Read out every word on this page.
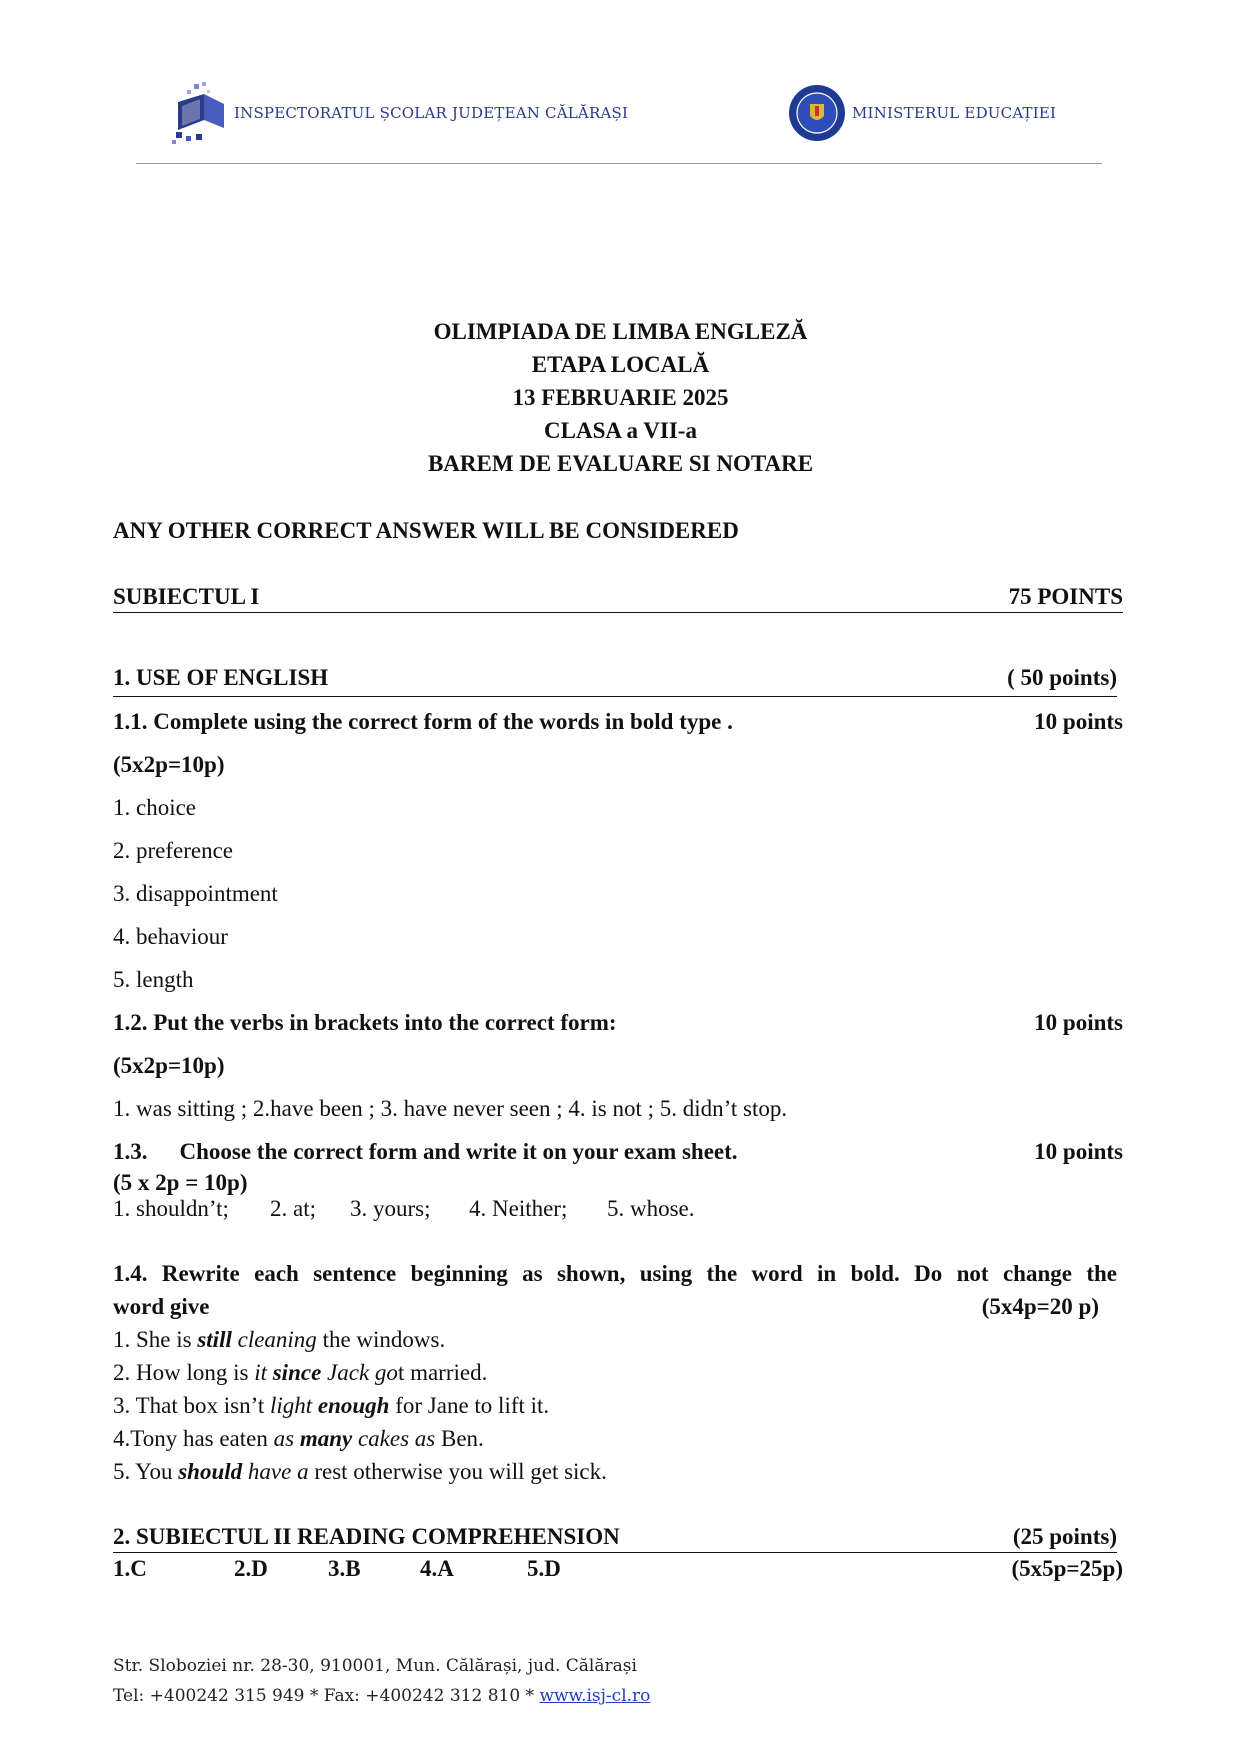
INSPECTORATUL ȘCOLAR JUDEȚEAN CĂLĂRAȘI	MINISTERUL EDUCAȚIEI
OLIMPIADA DE LIMBA ENGLEZĂ
ETAPA LOCALĂ
13 FEBRUARIE 2025
CLASA a VII-a
BAREM DE EVALUARE SI NOTARE
ANY OTHER CORRECT ANSWER WILL BE CONSIDERED
SUBIECTUL I	75 POINTS
1. USE OF ENGLISH	( 50 points)
1.1. Complete using the correct form of the words in bold type .	10 points
(5x2p=10p)
1. choice
2. preference
3. disappointment
4. behaviour
5. length
1.2. Put the verbs in brackets into the correct form:	10 points
(5x2p=10p)
1. was sitting ; 2.have been ; 3. have never seen ; 4. is not ; 5. didn’t stop.
1.3. Choose the correct form and write it on your exam sheet.	10 points
(5 x 2p = 10p)
1. shouldn’t;	2. at;	3. yours;	4. Neither;	5. whose.
1.4. Rewrite each sentence beginning as shown, using the word in bold. Do not change the
word give	(5x4p=20 p)
1. She is still cleaning the windows.
2. How long is it since Jack got married.
3. That box isn’t light enough for Jane to lift it.
4.Tony has eaten as many cakes as Ben.
5. You should have a rest otherwise you will get sick.
2. SUBIECTUL II READING COMPREHENSION	(25 points)
1.C	2.D	3.B	4.A	5.D	(5x5p=25p)
Str. Sloboziei nr. 28-30, 910001, Mun. Călărași, jud. Călărași
Tel: +400242 315 949 * Fax: +400242 312 810 * www.isj-cl.ro
